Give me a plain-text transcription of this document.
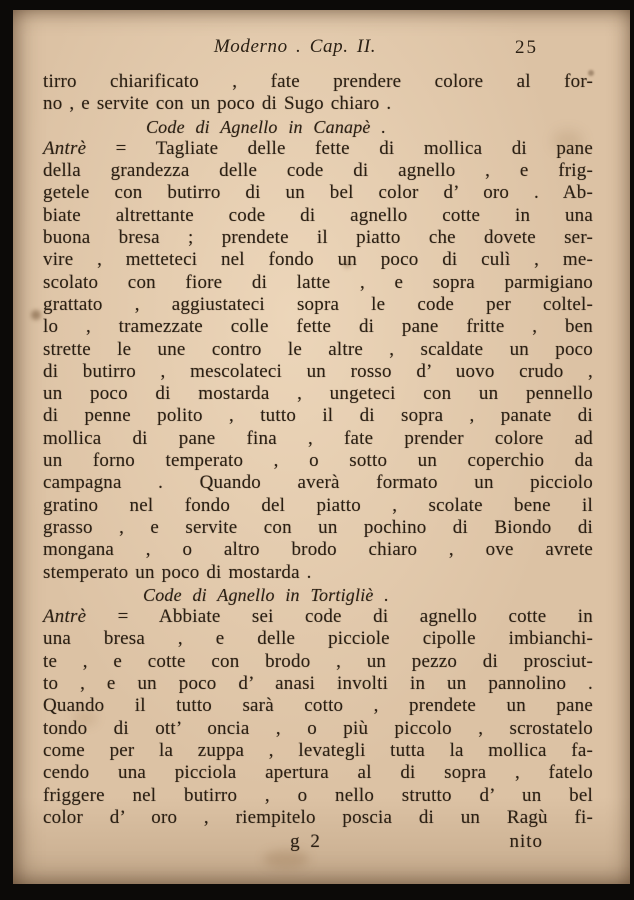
Moderno . Cap. II.	25
tirro chiarificato , fate prendere colore al for-
no , e servite con un poco di Sugo chiaro .
Code di Agnello in Canapè .
Antrè = Tagliate delle fette di mollica di pane
della grandezza delle code di agnello , e frig-
getele con butirro di un bel color d’ oro . Ab-
biate altrettante code di agnello cotte in una
buona bresa ; prendete il piatto che dovete ser-
vire , metteteci nel fondo un poco di culì , me-
scolato con fiore di latte , e sopra parmigiano
grattato , aggiustateci sopra le code per coltel-
lo , tramezzate colle fette di pane fritte , ben
strette le une contro le altre , scaldate un poco
di butirro , mescolateci un rosso d’ uovo crudo ,
un poco di mostarda , ungeteci con un pennello
di penne polito , tutto il di sopra , panate di
mollica di pane fina , fate prender colore ad
un forno temperato , o sotto un coperchio da
campagna . Quando averà formato un picciolo
gratino nel fondo del piatto , scolate bene il
grasso , e servite con un pochino di Biondo di
mongana , o altro brodo chiaro , ove avrete
stemperato un poco di mostarda .
Code di Agnello in Tortigliè .
Antrè = Abbiate sei code di agnello cotte in
una bresa , e delle picciole cipolle imbianchi-
te , e cotte con brodo , un pezzo di prosciut-
to , e un poco d’ anasi involti in un pannolino .
Quando il tutto sarà cotto , prendete un pane
tondo di ott’ oncia , o più piccolo , scrostatelo
come per la zuppa , levategli tutta la mollica fa-
cendo una picciola apertura al di sopra , fatelo
friggere nel butirro , o nello strutto d’ un bel
color d’ oro , riempitelo poscia di un Ragù fi-
g 2	nito
